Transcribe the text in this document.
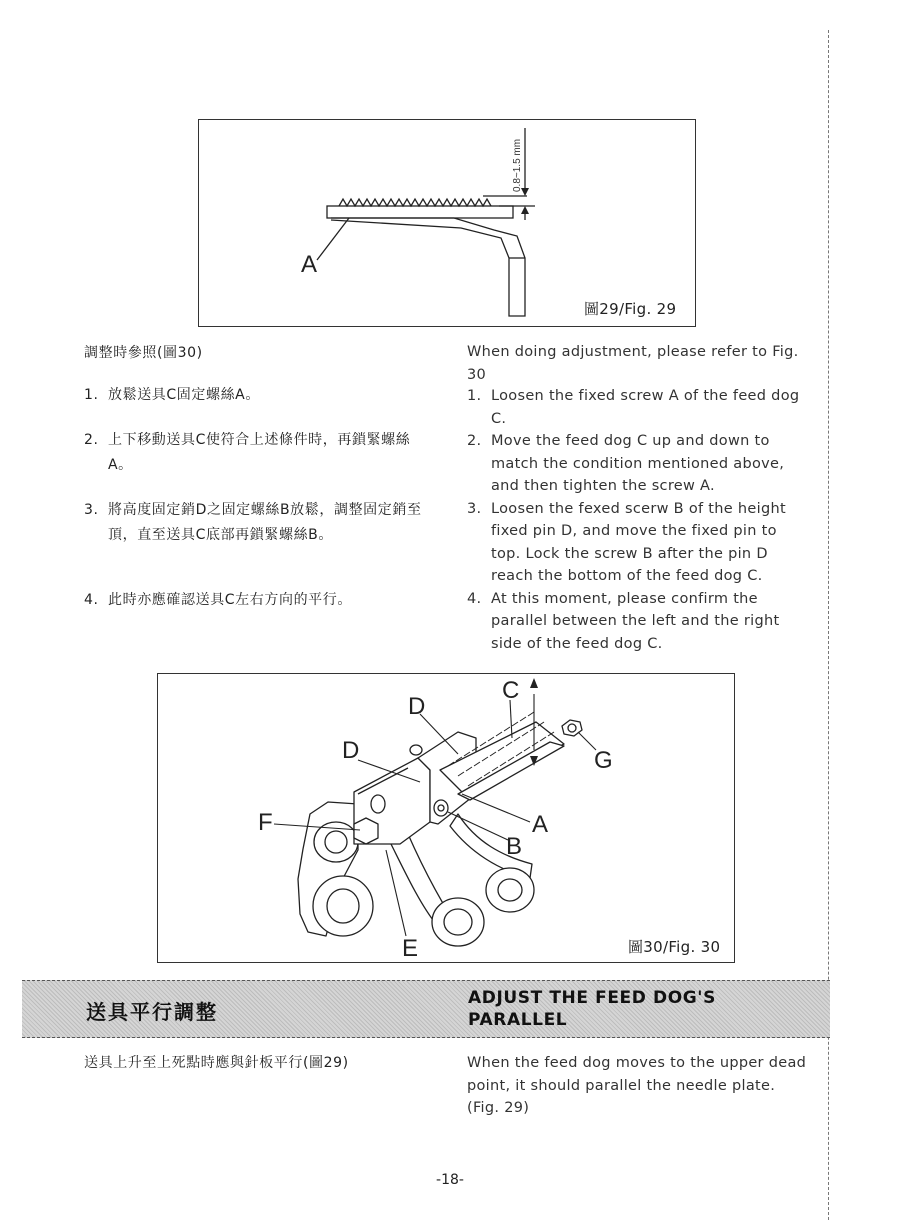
A
0.8~1.5 mm
圖29/Fig. 29
調整時參照(圖30)
1. 放鬆送具C固定螺絲A。
2. 上下移動送具C使符合上述條件時，再鎖緊螺絲A。
3. 將高度固定銷D之固定螺絲B放鬆，調整固定銷至頂，直至送具C底部再鎖緊螺絲B。
4. 此時亦應確認送具C左右方向的平行。
When doing adjustment, please refer to Fig. 30
1. Loosen the fixed screw A of the feed dog C.
2. Move the feed dog C up and down to match the condition mentioned above, and then tighten the screw A.
3. Loosen the fexed scerw B of the height fixed pin D, and move the fixed pin to top. Lock the screw B after the pin D reach the bottom of the feed dog C.
4. At this moment, please confirm the parallel between the left and the right side of the feed dog C.
D
D
C
G
A
B
F
E	圖30/Fig. 30
送具平行調整
ADJUST THE FEED DOG'S PARALLEL
送具上升至上死點時應與針板平行(圖29)	When the feed dog moves to the upper dead point, it should parallel the needle plate. (Fig. 29)
-18-
